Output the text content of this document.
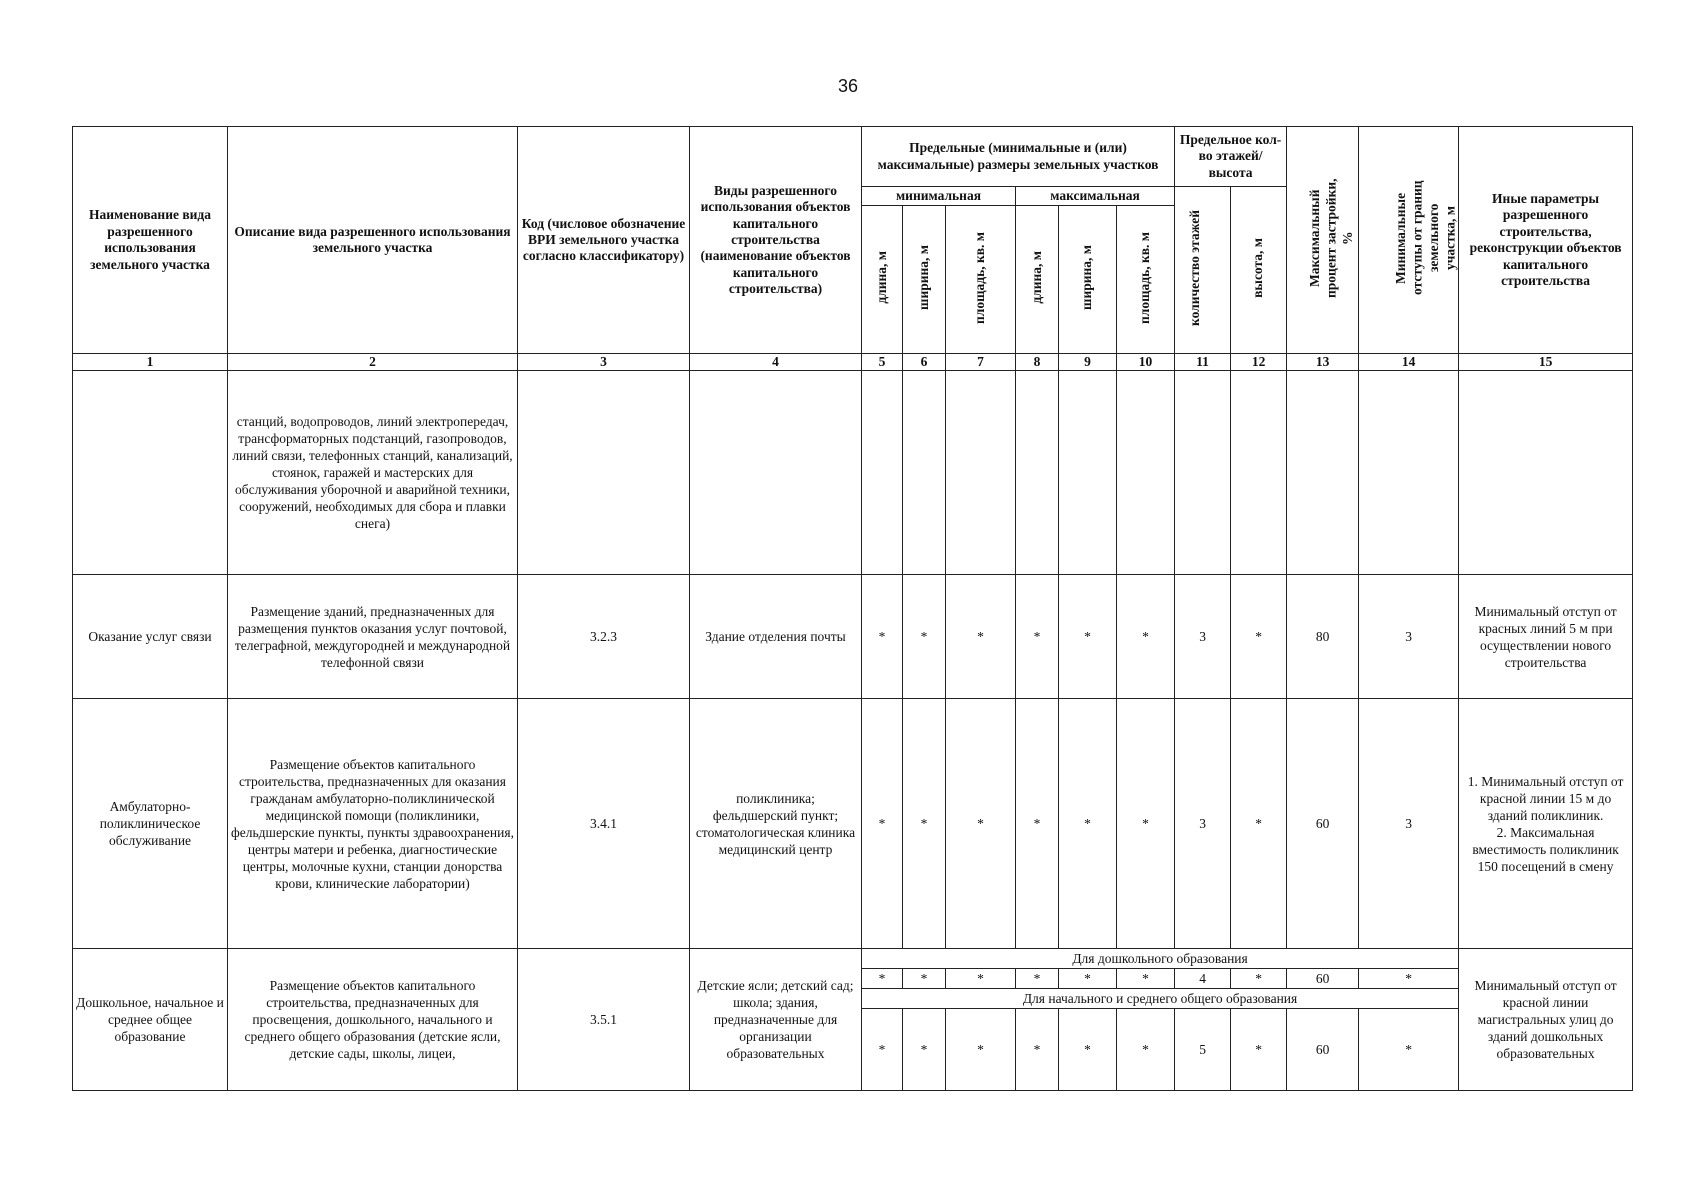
36
Наименование вида разрешенного использования земельного участка	Описание вида разрешенного использования земельного участка	Код (числовое обозначение ВРИ земельного участка согласно классификатору)	Виды разрешенного использования объектов капитального строительства (наименование объектов капитального строительства)	Предельные (минимальные и (или) максимальные) размеры земельных участков						Предельное кол-во этажей/высота		Максимальный процент застройки, %	Минимальные отступы от границ земельного участка, м	Иные параметры разрешенного строительства, реконструкции объектов капитального строительства
				минимальная			максимальная			количество этажей	высота, м			
				длина, м	ширина, м	площадь, кв. м	длина, м	ширина, м	площадь, кв. м					
1	2	3	4	5	6	7	8	9	10	11	12	13	14	15
	станций, водопроводов, линий электропередач, трансформаторных подстанций, газопроводов, линий связи, телефонных станций, канализаций, стоянок, гаражей и мастерских для обслуживания уборочной и аварийной техники, сооружений, необходимых для сбора и плавки снега)													
Оказание услуг связи	Размещение зданий, предназначенных для размещения пунктов оказания услуг почтовой, телеграфной, междугородней и международной телефонной связи	3.2.3	Здание отделения почты	*	*	*	*	*	*	3	*	80	3	Минимальный отступ от красных линий 5 м при осуществлении нового строительства
Амбулаторно-поликлиническое обслуживание	Размещение объектов капитального строительства, предназначенных для оказания гражданам амбулаторно-поликлинической медицинской помощи (поликлиники, фельдшерские пункты, пункты здравоохранения, центры матери и ребенка, диагностические центры, молочные кухни, станции донорства крови, клинические лаборатории)	3.4.1	поликлиника; фельдшерский пункт; стоматологическая клиника медицинский центр	*	*	*	*	*	*	3	*	60	3	1. Минимальный отступ от красной линии 15 м до зданий поликлиник.
2. Максимальная вместимость поликлиник 150 посещений в смену

Дошкольное, начальное и среднее общее образование	Размещение объектов капитального строительства, предназначенных для просвещения, дошкольного, начального и среднего общего образования (детские ясли, детские сады, школы, лицеи,	3.5.1	Детские ясли; детский сад; школа; здания, предназначенные для организации образовательных	Для дошкольного образования										Минимальный отступ от красной линии магистральных улиц до зданий дошкольных образовательных
				*	*	*	*	*	*	4	*	60	*	
				Для начального и среднего общего образования										
				*	*	*	*	*	*	5	*	60	*	
